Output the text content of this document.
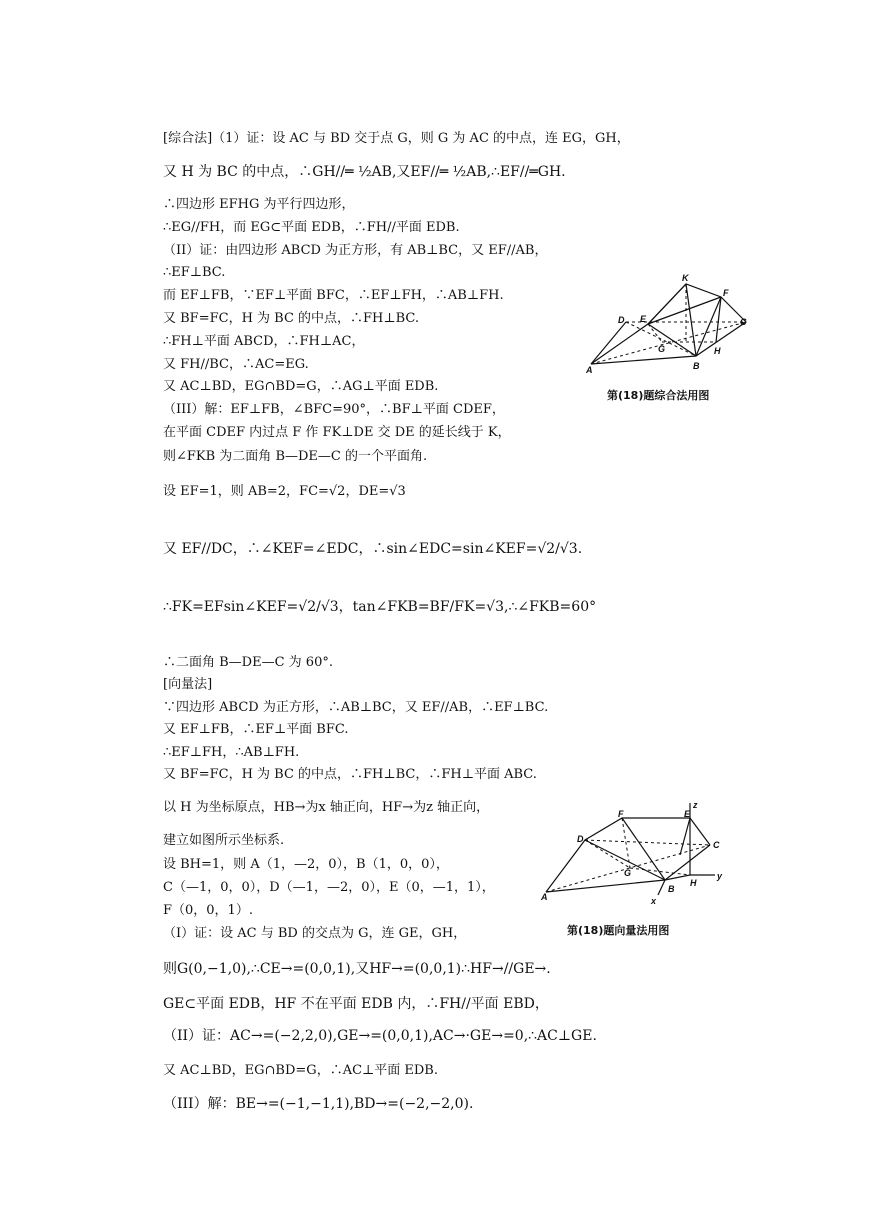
[综合法]（1）证：设 AC 与 BD 交于点 G，则 G 为 AC 的中点，连 EG，GH，
又 H 为 BC 的中点，∴GH//═ ½AB,又EF//═ ½AB,∴EF//═GH.
∴四边形 EFHG 为平行四边形，
∴EG//FH，而 EG⊂平面 EDB，∴FH//平面 EDB.
（II）证：由四边形 ABCD 为正方形，有 AB⊥BC，又 EF//AB，
∴EF⊥BC.
而 EF⊥FB，∵EF⊥平面 BFC，∴EF⊥FH，∴AB⊥FH.
又 BF=FC，H 为 BC 的中点，∴FH⊥BC.
∴FH⊥平面 ABCD，∴FH⊥AC，
又 FH//BC，∴AC=EG.
又 AC⊥BD，EG∩BD=G，∴AG⊥平面 EDB.
（III）解：EF⊥FB，∠BFC=90°，∴BF⊥平面 CDEF，
在平面 CDEF 内过点 F 作 FK⊥DE 交 DE 的延长线于 K，
则∠FKB 为二面角 B—DE—C 的一个平面角.
设 EF=1，则 AB=2，FC=√2，DE=√3
又 EF//DC，∴∠KEF=∠EDC，∴sin∠EDC=sin∠KEF=√2/√3.
∴FK=EFsin∠KEF=√2/√3，tan∠FKB=BF/FK=√3,∴∠FKB=60°
∴二面角 B—DE—C 为 60°.
[向量法]
∵四边形 ABCD 为正方形，∴AB⊥BC，又 EF//AB，∴EF⊥BC.
又 EF⊥FB，∴EF⊥平面 BFC.
∴EF⊥FH，∴AB⊥FH.
又 BF=FC，H 为 BC 的中点，∴FH⊥BC，∴FH⊥平面 ABC.
以 H 为坐标原点，HB→为x 轴正向，HF→为z 轴正向，
建立如图所示坐标系.
设 BH=1，则 A（1，—2，0），B（1，0，0），
C（—1，0，0），D（—1，—2，0），E（0，—1，1），
F（0，0，1）.
（I）证：设 AC 与 BD 的交点为 G，连 GE，GH，
则G(0,−1,0),∴CE→=(0,0,1),又HF→=(0,0,1)∴HF→//GE→.
GE⊂平面 EDB，HF 不在平面 EDB 内，∴FH//平面 EBD，
（II）证：AC→=(−2,2,0),GE→=(0,0,1),AC→·GE→=0,∴AC⊥GE.
又 AC⊥BD，EG∩BD=G，∴AC⊥平面 EDB.
（III）解：BE→=(−1,−1,1),BD→=(−2,−2,0).
K
E
F
D
G
C
H
B
A
第(18)题综合法用图
z
F	E
D
C
G
H
y
A
B
x
第(18)题向量法用图
